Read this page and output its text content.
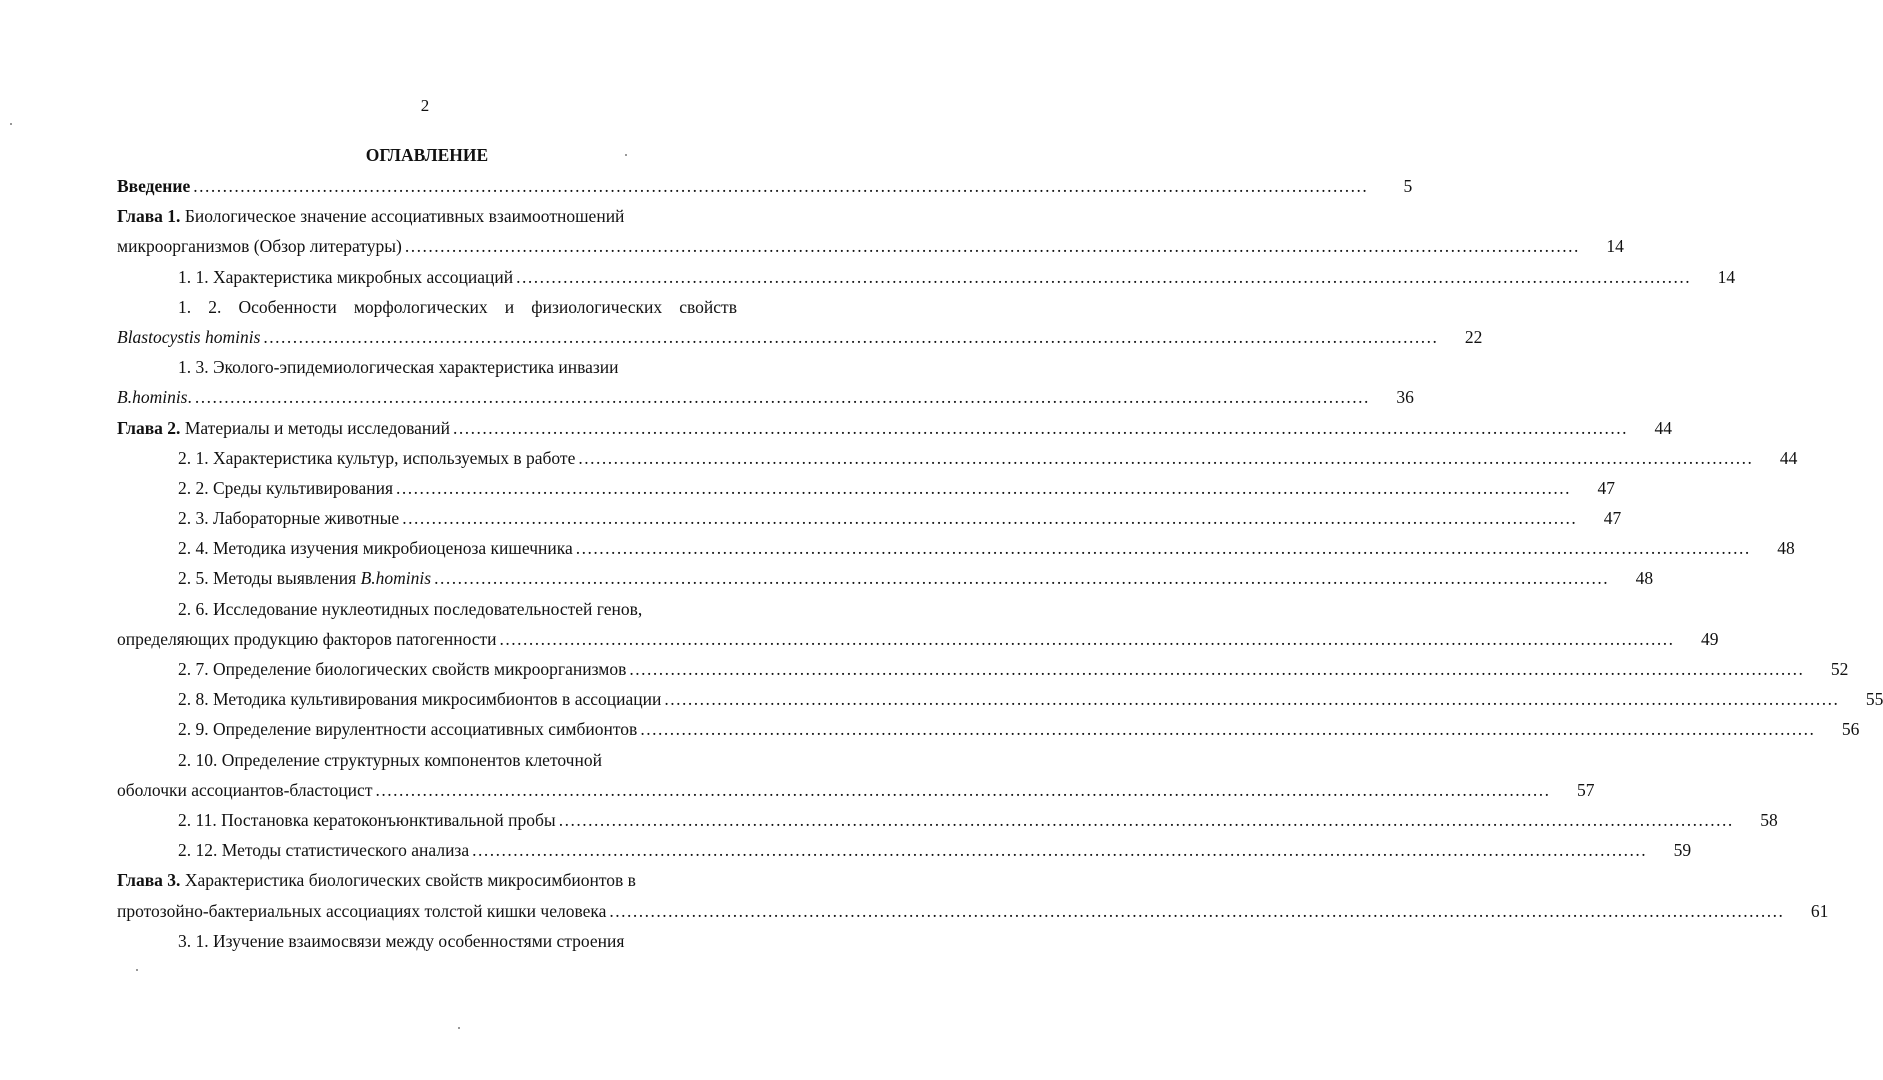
2
ОГЛАВЛЕНИЕ
Введение ........................................................................................................................................................................................................	5
Глава 1. Биологическое значение ассоциативных взаимоотношений
микроорганизмов (Обзор литературы) ........................................................................................................................................................................................................	14
1. 1. Характеристика микробных ассоциаций ........................................................................................................................................................................................................	14
1. 2. Особенности морфологических и физиологических свойств
Blastocystis hominis ........................................................................................................................................................................................................	22
1. 3. Эколого-эпидемиологическая характеристика инвазии
B.hominis. ........................................................................................................................................................................................................	36
Глава 2. Материалы и методы исследований ........................................................................................................................................................................................................	44
2. 1. Характеристика культур, используемых в работе ........................................................................................................................................................................................................	44
2. 2. Среды культивирования ........................................................................................................................................................................................................	47
2. 3. Лабораторные животные ........................................................................................................................................................................................................	47
2. 4. Методика изучения микробиоценоза кишечника ........................................................................................................................................................................................................	48
2. 5. Методы выявления B.hominis ........................................................................................................................................................................................................	48
2. 6. Исследование нуклеотидных последовательностей генов,
определяющих продукцию факторов патогенности ........................................................................................................................................................................................................	49
2. 7. Определение биологических свойств микроорганизмов ........................................................................................................................................................................................................	52
2. 8. Методика культивирования микросимбионтов в ассоциации ........................................................................................................................................................................................................	55
2. 9. Определение вирулентности ассоциативных симбионтов ........................................................................................................................................................................................................	56
2. 10. Определение структурных компонентов клеточной
оболочки ассоциантов-бластоцист ........................................................................................................................................................................................................	57
2. 11. Постановка кератоконъюнктивальной пробы ........................................................................................................................................................................................................	58
2. 12. Методы статистического анализа ........................................................................................................................................................................................................	59
Глава 3. Характеристика биологических свойств микросимбионтов в
протозойно-бактериальных ассоциациях толстой кишки человека ........................................................................................................................................................................................................	61
3. 1. Изучение взаимосвязи между особенностями строения
